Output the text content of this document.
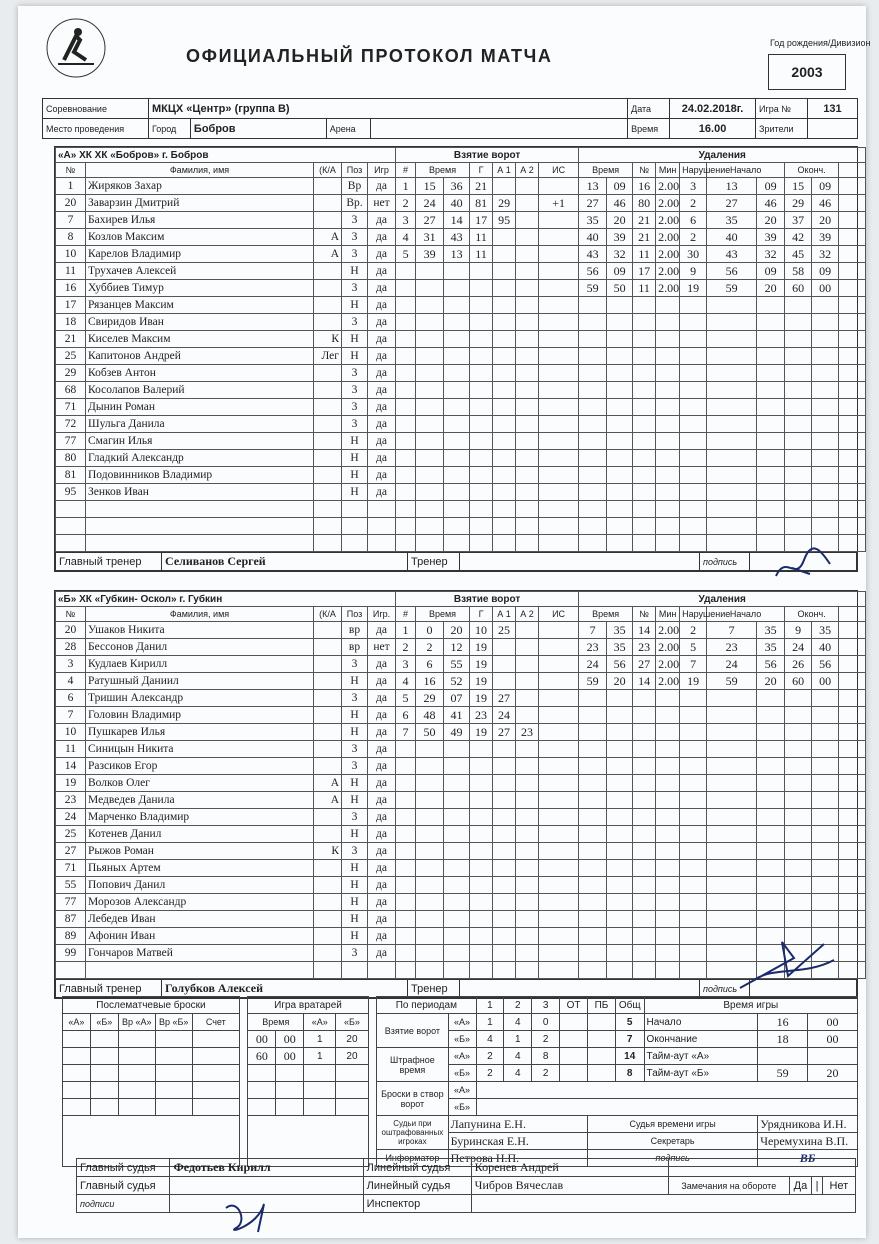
ОФИЦИАЛЬНЫЙ ПРОТОКОЛ МАТЧА
Год рождения/Дивизион
2003
Соревнование	МКЦХ «Центр» (группа В)				Дата	24.02.2018г.	Игра №	131
Место проведения	Город	Бобров	Арена		Время	16.00	Зрители	
«А» ХК ХК «Бобров» г. Бобров					Взятие ворот							Удаления									
№	Фамилия, имя	(К/А	Поз	Игр	#	Время		Г	А 1	А 2	ИС	Время		№	Мин	Нарушение	Начало		Оконч.		
1	Жиряков Захар		Вр	да	1	15	36	21				13	09	16	2.00	3	13	09	15	09	
20	Заварзин Дмитрий		Вр.	нет	2	24	40	81	29		+1	27	46	80	2.00	2	27	46	29	46	
7	Бахирев Илья		3	да	3	27	14	17	95			35	20	21	2.00	6	35	20	37	20	
8	Козлов Максим	А	3	да	4	31	43	11				40	39	21	2.00	2	40	39	42	39	
10	Карелов Владимир	А	3	да	5	39	13	11				43	32	11	2.00	30	43	32	45	32	
11	Трухачев Алексей		Н	да								56	09	17	2.00	9	56	09	58	09	
16	Хуббиев Тимур		3	да								59	50	11	2.00	19	59	20	60	00	
17	Рязанцев Максим		Н	да																	
18	Свиридов Иван		3	да																	
21	Киселев Максим	К	Н	да																	
25	Капитонов Андрей	Лег	Н	да																	
29	Кобзев Антон		3	да																	
68	Косолапов Валерий		3	да																	
71	Дынин Роман		3	да																	
72	Шульга Данила		3	да																	
77	Смагин Илья		Н	да																	
80	Гладкий Александр		Н	да																	
81	Подовинников Владимир		Н	да																	
95	Зенков Иван		Н	да																	

Главный тренер	Селиванов Сергей	Тренер		подпись	
«Б» ХК «Губкин- Оскол» г. Губкин					Взятие ворот							Удаления									
№	Фамилия, имя	(К/А	Поз	Игр.	#	Время		Г	А 1	А 2	ИС	Время		№	Мин	Нарушение	Начало		Оконч.		
20	Ушаков Никита		вр	да	1	0	20	10	25			7	35	14	2.00	2	7	35	9	35	
28	Бессонов Данил		вр	нет	2	2	12	19				23	35	23	2.00	5	23	35	24	40	
3	Кудлаев Кирилл		3	да	3	6	55	19				24	56	27	2.00	7	24	56	26	56	
4	Ратушный Даниил		Н	да	4	16	52	19				59	20	14	2.00	19	59	20	60	00	
6	Тришин Александр		3	да	5	29	07	19	27												
7	Головин Владимир		Н	да	6	48	41	23	24												
10	Пушкарев Илья		Н	да	7	50	49	19	27	23											
11	Синицын Никита		3	да																	
14	Разсиков Егор		3	да																	
19	Волков Олег	А	Н	да																	
23	Медведев Данила	А	Н	да																	
24	Марченко Владимир		3	да																	
25	Котенев Данил		Н	да																	
27	Рыжов Роман	К	3	да																	
71	Пьяных Артем		Н	да																	
55	Попович Данил		Н	да																	
77	Морозов Александр		Н	да																	
87	Лебедев Иван		Н	да																	
89	Афонин Иван		Н	да																	
99	Гончаров Матвей		3	да																	

Главный тренер	Голубков Алексей	Тренер		подпись	
Послематчевые броски						Игра вратарей					По периодам		1	2	3	ОТ	ПБ	Общ	Время игры		
«А»	«Б»	Вр «А»	Вр «Б»	Счет		Время		«А»	«Б»		Взятие ворот	«А»	1	4	0			5	Начало	16	00
						00	00	1	20			«Б»	4	1	2			7	Окончание	18	00
						60	00	1	20		Штрафное время	«А»	2	4	8			14	Тайм-аут «А»		
												«Б»	2	4	2			8	Тайм-аут «Б»	59	20
											Броски в створ ворот	«А»									
												«Б»									
											Судьи при оштрафованных игроках	Лапунина Е.Н.					Судья времени игры			Урядникова И.Н.	
												Буринская Е.Н.					Секретарь			Черемухина В.П.	
											Информатор	Петрова Н.П.					подпись			ВБ	
Главный судья	Федотьев Кирилл	Линейный судья	Коренев Андрей				
Главный судья		Линейный судья	Чибров Вячеслав	Замечания на обороте	Да	|	Нет
подписи		Инспектор					
